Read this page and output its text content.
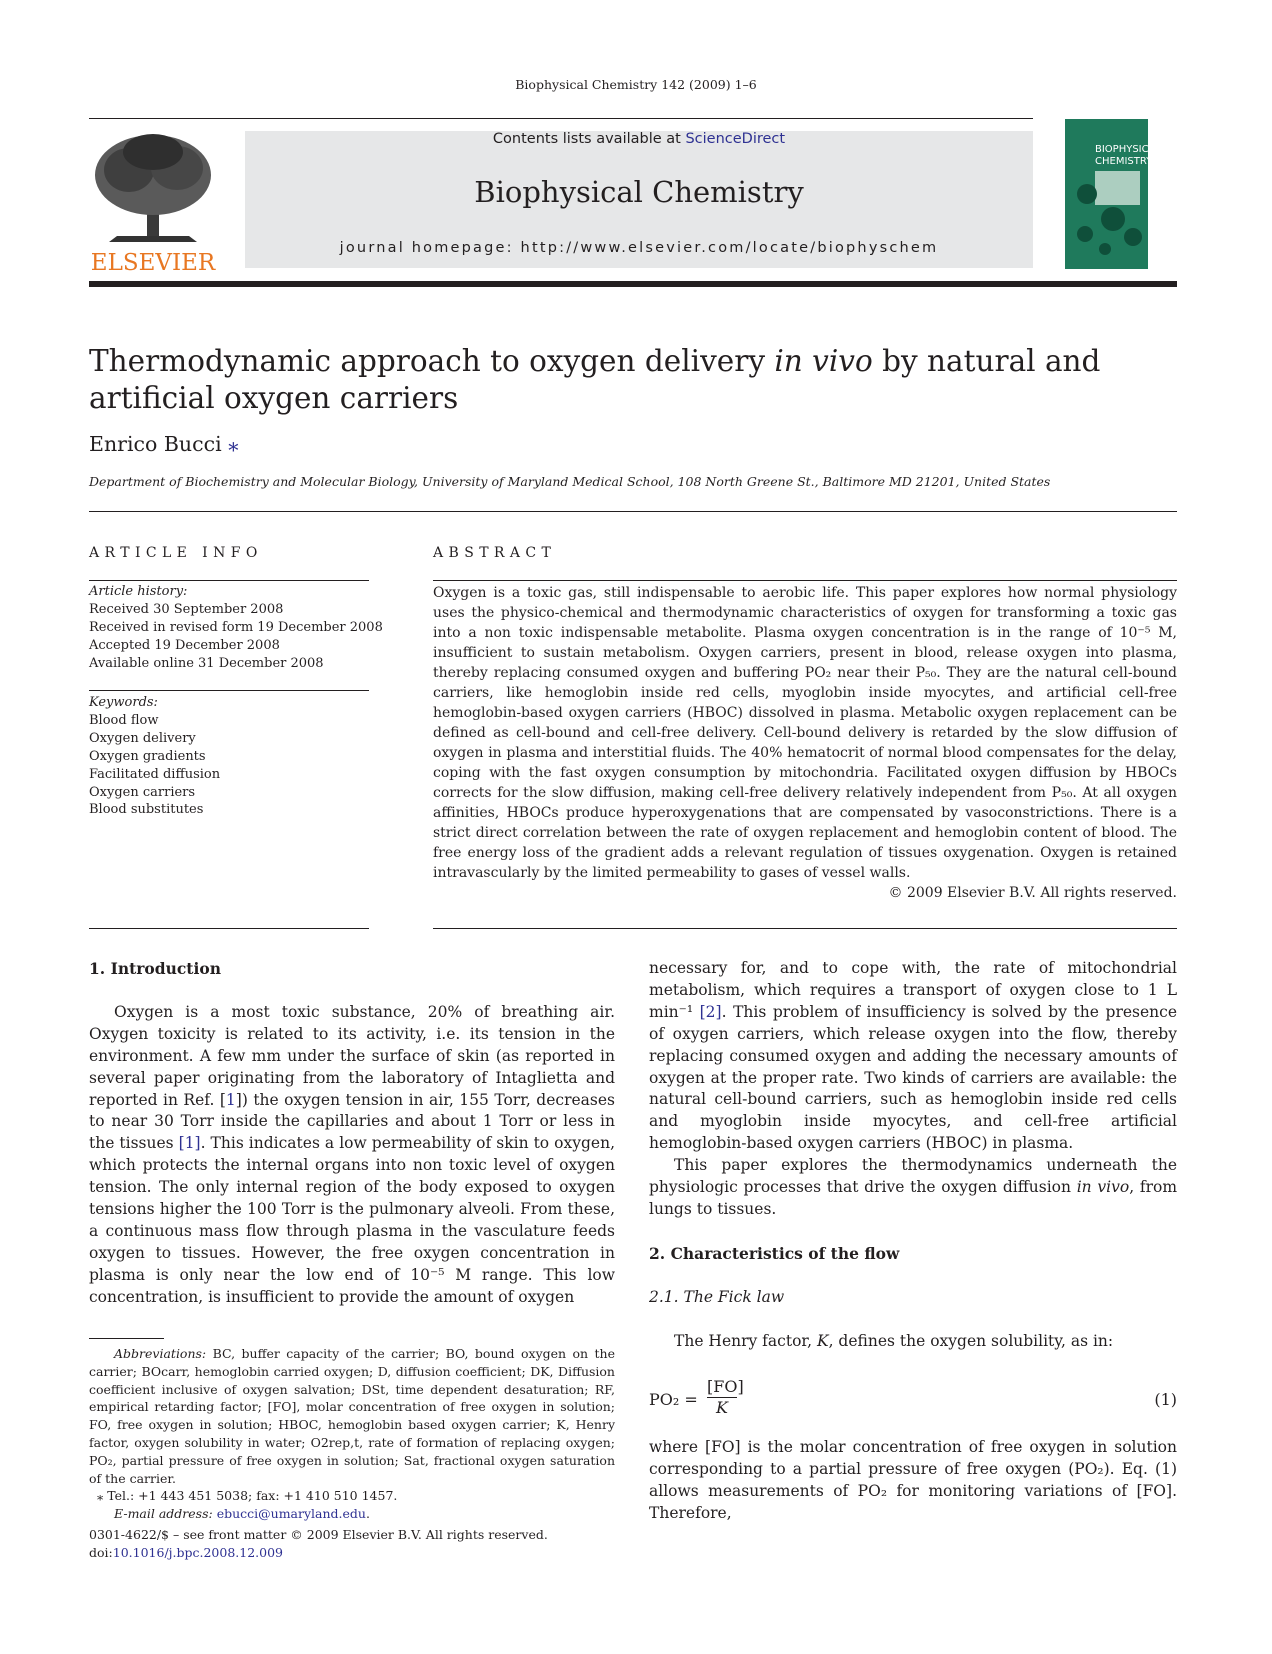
Biophysical Chemistry 142 (2009) 1–6
ELSEVIER
Contents lists available at ScienceDirect
Biophysical Chemistry
journal homepage: http://www.elsevier.com/locate/biophyschem
BIOPHYSICAL
CHEMISTRY
Thermodynamic approach to oxygen delivery in vivo by natural and artificial oxygen carriers
Enrico Bucci ⁎
Department of Biochemistry and Molecular Biology, University of Maryland Medical School, 108 North Greene St., Baltimore MD 21201, United States
ARTICLE INFO
Article history:
Received 30 September 2008
Received in revised form 19 December 2008
Accepted 19 December 2008
Available online 31 December 2008
Keywords:
Blood flow
Oxygen delivery
Oxygen gradients
Facilitated diffusion
Oxygen carriers
Blood substitutes
ABSTRACT
Oxygen is a toxic gas, still indispensable to aerobic life. This paper explores how normal physiology uses the physico-chemical and thermodynamic characteristics of oxygen for transforming a toxic gas into a non toxic indispensable metabolite. Plasma oxygen concentration is in the range of 10⁻⁵ M, insufficient to sustain metabolism. Oxygen carriers, present in blood, release oxygen into plasma, thereby replacing consumed oxygen and buffering PO₂ near their P₅₀. They are the natural cell-bound carriers, like hemoglobin inside red cells, myoglobin inside myocytes, and artificial cell-free hemoglobin-based oxygen carriers (HBOC) dissolved in plasma. Metabolic oxygen replacement can be defined as cell-bound and cell-free delivery. Cell-bound delivery is retarded by the slow diffusion of oxygen in plasma and interstitial fluids. The 40% hematocrit of normal blood compensates for the delay, coping with the fast oxygen consumption by mitochondria. Facilitated oxygen diffusion by HBOCs corrects for the slow diffusion, making cell-free delivery relatively independent from P₅₀. At all oxygen affinities, HBOCs produce hyperoxygenations that are compensated by vasoconstrictions. There is a strict direct correlation between the rate of oxygen replacement and hemoglobin content of blood. The free energy loss of the gradient adds a relevant regulation of tissues oxygenation. Oxygen is retained intravascularly by the limited permeability to gases of vessel walls.
© 2009 Elsevier B.V. All rights reserved.
1. Introduction
Oxygen is a most toxic substance, 20% of breathing air. Oxygen toxicity is related to its activity, i.e. its tension in the environment. A few mm under the surface of skin (as reported in several paper originating from the laboratory of Intaglietta and reported in Ref. [1]) the oxygen tension in air, 155 Torr, decreases to near 30 Torr inside the capillaries and about 1 Torr or less in the tissues [1]. This indicates a low permeability of skin to oxygen, which protects the internal organs into non toxic level of oxygen tension. The only internal region of the body exposed to oxygen tensions higher the 100 Torr is the pulmonary alveoli. From these, a continuous mass flow through plasma in the vasculature feeds oxygen to tissues. However, the free oxygen concentration in plasma is only near the low end of 10⁻⁵ M range. This low concentration, is insufficient to provide the amount of oxygen
Abbreviations: BC, buffer capacity of the carrier; BO, bound oxygen on the carrier; BOcarr, hemoglobin carried oxygen; D, diffusion coefficient; DK, Diffusion coefficient inclusive of oxygen salvation; DSt, time dependent desaturation; RF, empirical retarding factor; [FO], molar concentration of free oxygen in solution; FO, free oxygen in solution; HBOC, hemoglobin based oxygen carrier; K, Henry factor, oxygen solubility in water; O2rep,t, rate of formation of replacing oxygen; PO₂, partial pressure of free oxygen in solution; Sat, fractional oxygen saturation of the carrier.
⁎ Tel.: +1 443 451 5038; fax: +1 410 510 1457.
E-mail address: ebucci@umaryland.edu.
0301-4622/$ – see front matter © 2009 Elsevier B.V. All rights reserved.
doi:10.1016/j.bpc.2008.12.009
necessary for, and to cope with, the rate of mitochondrial metabolism, which requires a transport of oxygen close to 1 L min⁻¹ [2]. This problem of insufficiency is solved by the presence of oxygen carriers, which release oxygen into the flow, thereby replacing consumed oxygen and adding the necessary amounts of oxygen at the proper rate. Two kinds of carriers are available: the natural cell-bound carriers, such as hemoglobin inside red cells and myoglobin inside myocytes, and cell-free artificial hemoglobin-based oxygen carriers (HBOC) in plasma.
This paper explores the thermodynamics underneath the physiologic processes that drive the oxygen diffusion in vivo, from lungs to tissues.
2. Characteristics of the flow
2.1. The Fick law
The Henry factor, K, defines the oxygen solubility, as in:
$PO_2 = \frac{[FO]}{K}$	(1)
where [FO] is the molar concentration of free oxygen in solution corresponding to a partial pressure of free oxygen (PO₂). Eq. (1) allows measurements of PO₂ for monitoring variations of [FO]. Therefore,
